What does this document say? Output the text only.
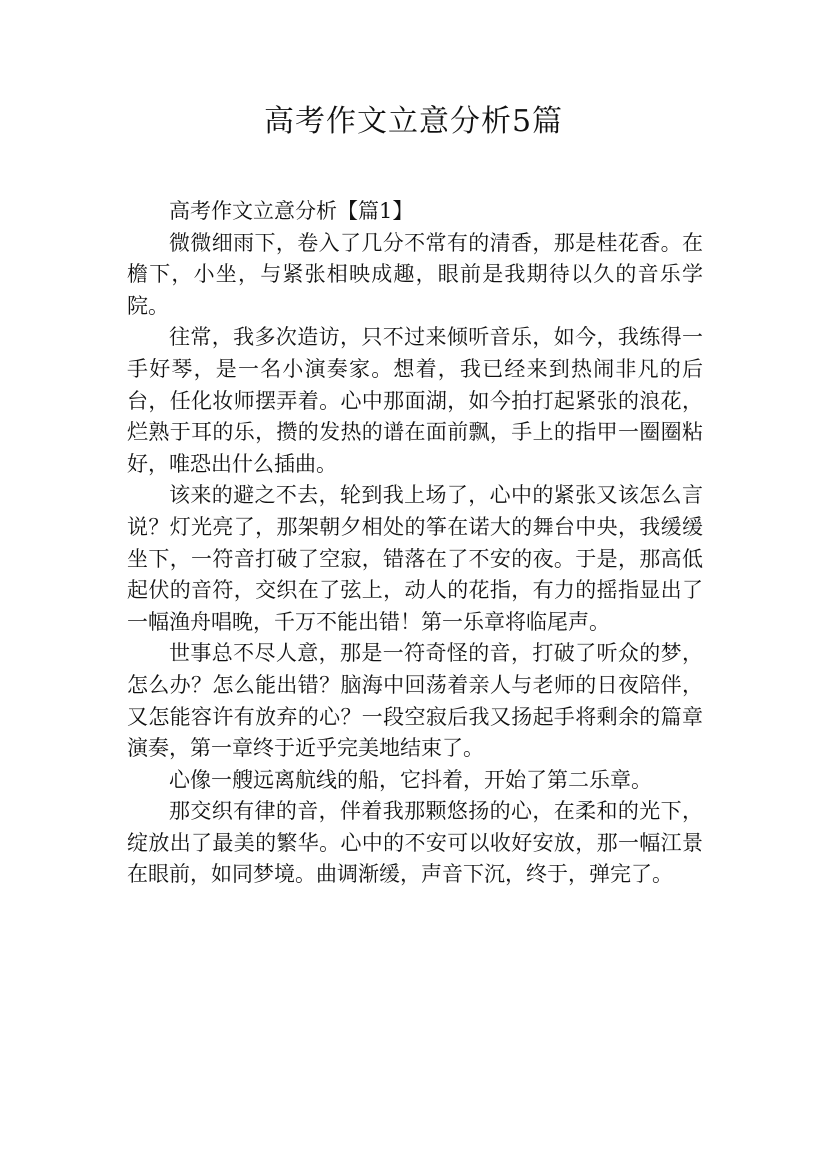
高考作文立意分析5篇

高考作文立意分析【篇1】

微微细雨下，卷入了几分不常有的清香，那是桂花香。在檐下，小坐，与紧张相映成趣，眼前是我期待以久的音乐学院。

往常，我多次造访，只不过来倾听音乐，如今，我练得一手好琴，是一名小演奏家。想着，我已经来到热闹非凡的后台，任化妆师摆弄着。心中那面湖，如今拍打起紧张的浪花，烂熟于耳的乐，攒的发热的谱在面前飘，手上的指甲一圈圈粘好，唯恐出什么插曲。

该来的避之不去，轮到我上场了，心中的紧张又该怎么言说？灯光亮了，那架朝夕相处的筝在诺大的舞台中央，我缓缓坐下，一符音打破了空寂，错落在了不安的夜。于是，那高低起伏的音符，交织在了弦上，动人的花指，有力的摇指显出了一幅渔舟唱晚，千万不能出错！第一乐章将临尾声。

世事总不尽人意，那是一符奇怪的音，打破了听众的梦，怎么办？怎么能出错？脑海中回荡着亲人与老师的日夜陪伴，又怎能容许有放弃的心？一段空寂后我又扬起手将剩余的篇章演奏，第一章终于近乎完美地结束了。

心像一艘远离航线的船，它抖着，开始了第二乐章。

那交织有律的音，伴着我那颗悠扬的心，在柔和的光下，绽放出了最美的繁华。心中的不安可以收好安放，那一幅江景在眼前，如同梦境。曲调渐缓，声音下沉，终于，弹完了。
